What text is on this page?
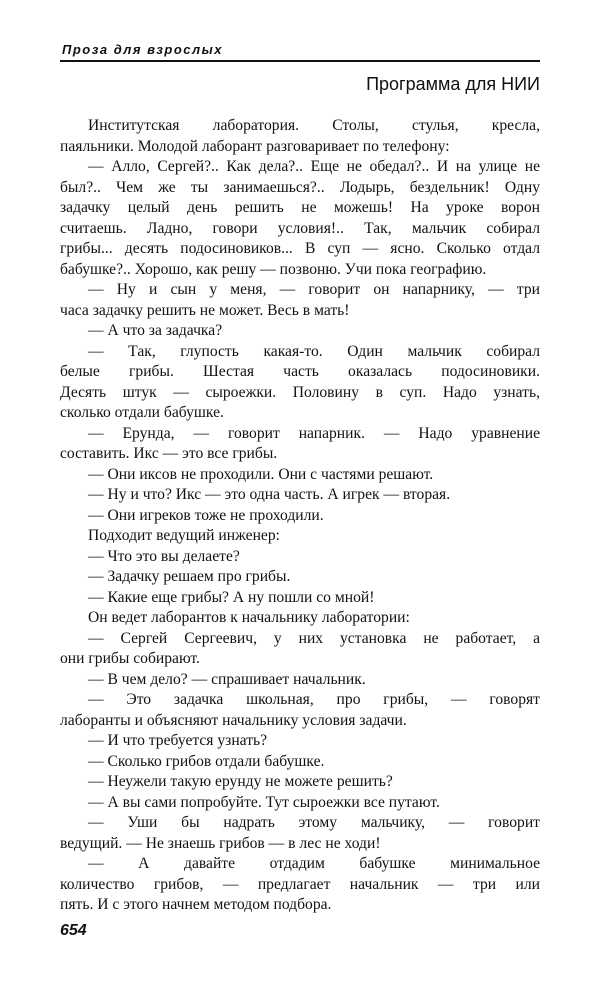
Проза для взрослых
Программа для НИИ
Институтская лаборатория. Столы, стулья, кресла,
паяльники. Молодой лаборант разговаривает по телефону:
— Алло, Сергей?.. Как дела?.. Еще не обедал?.. И на улице не
был?.. Чем же ты занимаешься?.. Лодырь, бездельник! Одну
задачку целый день решить не можешь! На уроке ворон
считаешь. Ладно, говори условия!.. Так, мальчик собирал
грибы... десять подосиновиков... В суп — ясно. Сколько отдал
бабушке?.. Хорошо, как решу — позвоню. Учи пока географию.
— Ну и сын у меня, — говорит он напарнику, — три
часа задачку решить не может. Весь в мать!
— А что за задачка?
— Так, глупость какая-то. Один мальчик собирал
белые грибы. Шестая часть оказалась подосиновики.
Десять штук — сыроежки. Половину в суп. Надо узнать,
сколько отдали бабушке.
— Ерунда, — говорит напарник. — Надо уравнение
составить. Икс — это все грибы.
— Они иксов не проходили. Они с частями решают.
— Ну и что? Икс — это одна часть. А игрек — вторая.
— Они игреков тоже не проходили.
Подходит ведущий инженер:
— Что это вы делаете?
— Задачку решаем про грибы.
— Какие еще грибы? А ну пошли со мной!
Он ведет лаборантов к начальнику лаборатории:
— Сергей Сергеевич, у них установка не работает, а
они грибы собирают.
— В чем дело? — спрашивает начальник.
— Это задачка школьная, про грибы, — говорят
лаборанты и объясняют начальнику условия задачи.
— И что требуется узнать?
— Сколько грибов отдали бабушке.
— Неужели такую ерунду не можете решить?
— А вы сами попробуйте. Тут сыроежки все путают.
— Уши бы надрать этому мальчику, — говорит
ведущий. — Не знаешь грибов — в лес не ходи!
— А давайте отдадим бабушке минимальное
количество грибов, — предлагает начальник — три или
пять. И с этого начнем методом подбора.
654
